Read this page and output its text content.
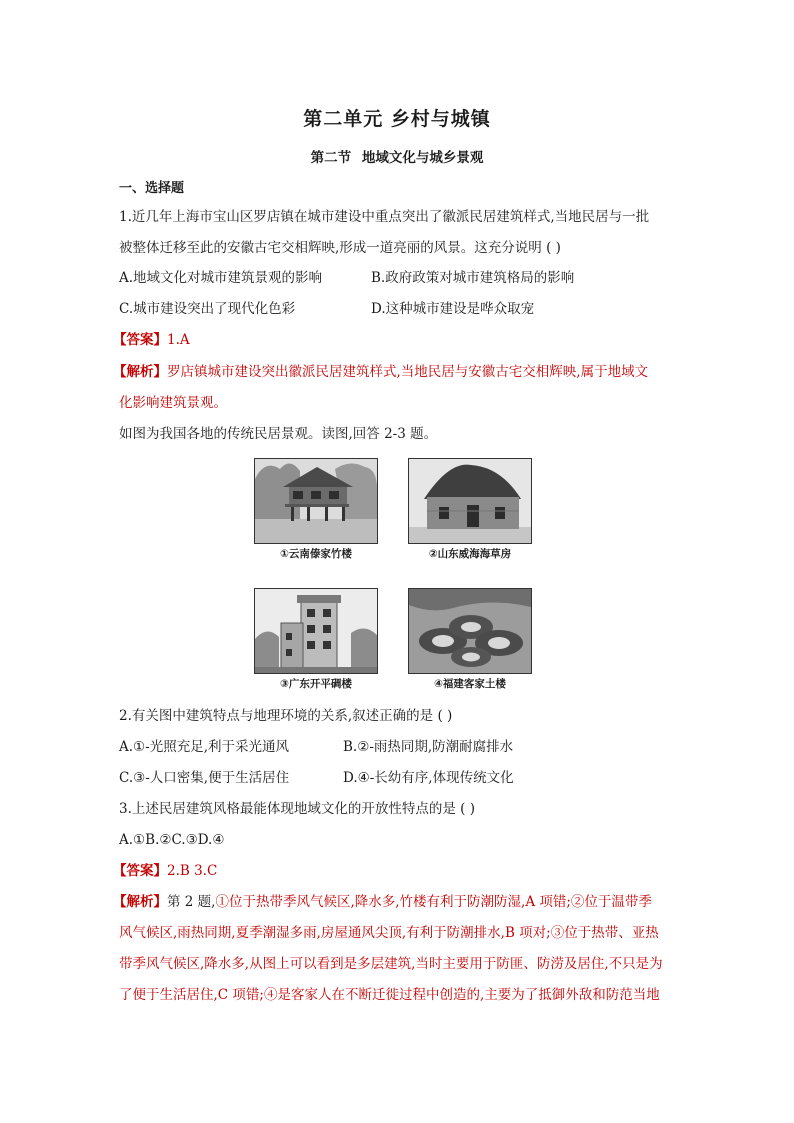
第二单元 乡村与城镇
第二节 地域文化与城乡景观
一、选择题
1.近几年上海市宝山区罗店镇在城市建设中重点突出了徽派民居建筑样式,当地民居与一批
被整体迁移至此的安徽古宅交相辉映,形成一道亮丽的风景。这充分说明 ( )
A.地域文化对城市建筑景观的影响	B.政府政策对城市建筑格局的影响
C.城市建设突出了现代化色彩	D.这种城市建设是哗众取宠
【答案】1.A
【解析】罗店镇城市建设突出徽派民居建筑样式,当地民居与安徽古宅交相辉映,属于地域文
化影响建筑景观。
如图为我国各地的传统民居景观。读图,回答 2-3 题。
①云南傣家竹楼	②山东威海海草房
③广东开平碉楼	④福建客家土楼
2.有关图中建筑特点与地理环境的关系,叙述正确的是 ( )
A.①-光照充足,利于采光通风	B.②-雨热同期,防潮耐腐排水
C.③-人口密集,便于生活居住	D.④-长幼有序,体现传统文化
3.上述民居建筑风格最能体现地域文化的开放性特点的是 ( )
A.①B.②C.③D.④
【答案】2.B 3.C
【解析】第 2 题,①位于热带季风气候区,降水多,竹楼有利于防潮防湿,A 项错;②位于温带季
风气候区,雨热同期,夏季潮湿多雨,房屋通风尖顶,有利于防潮排水,B 项对;③位于热带、亚热
带季风气候区,降水多,从图上可以看到是多层建筑,当时主要用于防匪、防涝及居住,不只是为
了便于生活居住,C 项错;④是客家人在不断迁徙过程中创造的,主要为了抵御外敌和防范当地
